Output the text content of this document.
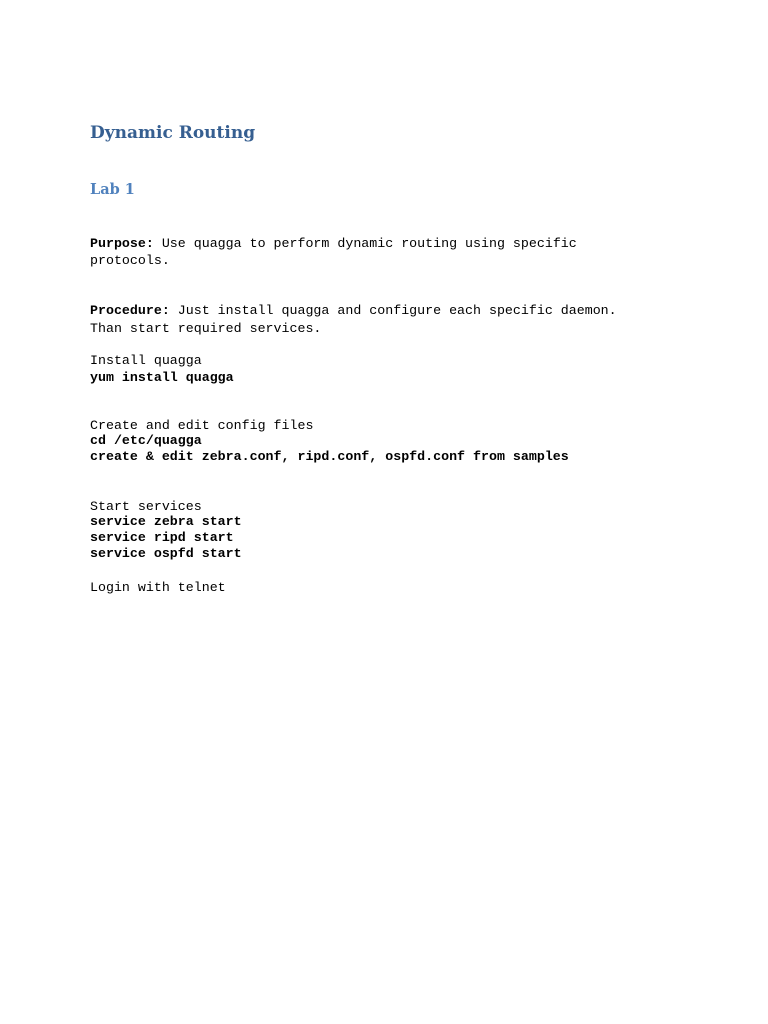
Dynamic Routing
Lab 1
Purpose: Use quagga to perform dynamic routing using specific
protocols.
Procedure: Just install quagga and configure each specific daemon.
Than start required services.
Install quagga
yum install quagga
Create and edit config files
cd /etc/quagga
create & edit zebra.conf, ripd.conf, ospfd.conf from samples
Start services
service zebra start
service ripd start
service ospfd start
Login with telnet
